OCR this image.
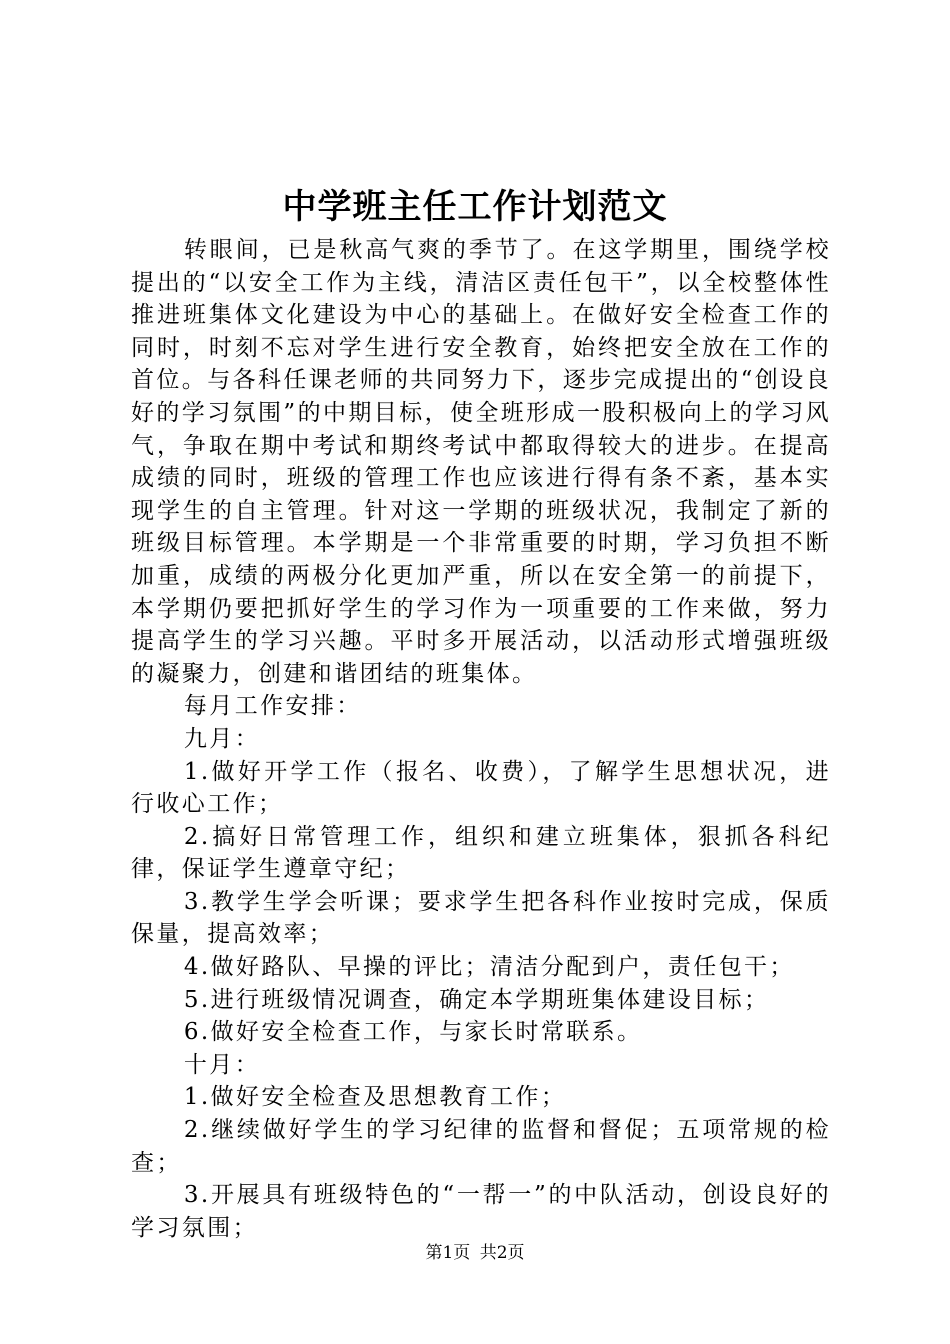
中学班主任工作计划范文

转眼间，已是秋高气爽的季节了。在这学期里，围绕学校提出的“以安全工作为主线，清洁区责任包干”，以全校整体性推进班集体文化建设为中心的基础上。在做好安全检查工作的同时，时刻不忘对学生进行安全教育，始终把安全放在工作的首位。与各科任课老师的共同努力下，逐步完成提出的“创设良好的学习氛围”的中期目标，使全班形成一股积极向上的学习风气，争取在期中考试和期终考试中都取得较大的进步。在提高成绩的同时，班级的管理工作也应该进行得有条不紊，基本实现学生的自主管理。针对这一学期的班级状况，我制定了新的班级目标管理。本学期是一个非常重要的时期，学习负担不断加重，成绩的两极分化更加严重，所以在安全第一的前提下，本学期仍要把抓好学生的学习作为一项重要的工作来做，努力提高学生的学习兴趣。平时多开展活动，以活动形式增强班级的凝聚力，创建和谐团结的班集体。

每月工作安排：

九月：

1.做好开学工作（报名、收费），了解学生思想状况，进行收心工作；

2.搞好日常管理工作，组织和建立班集体，狠抓各科纪律，保证学生遵章守纪；

3.教学生学会听课；要求学生把各科作业按时完成，保质保量，提高效率；

4.做好路队、早操的评比；清洁分配到户，责任包干；

5.进行班级情况调查，确定本学期班集体建设目标；

6.做好安全检查工作，与家长时常联系。

十月：

1.做好安全检查及思想教育工作；

2.继续做好学生的学习纪律的监督和督促；五项常规的检查；

3.开展具有班级特色的“一帮一”的中队活动，创设良好的学习氛围；

第1页 共2页
